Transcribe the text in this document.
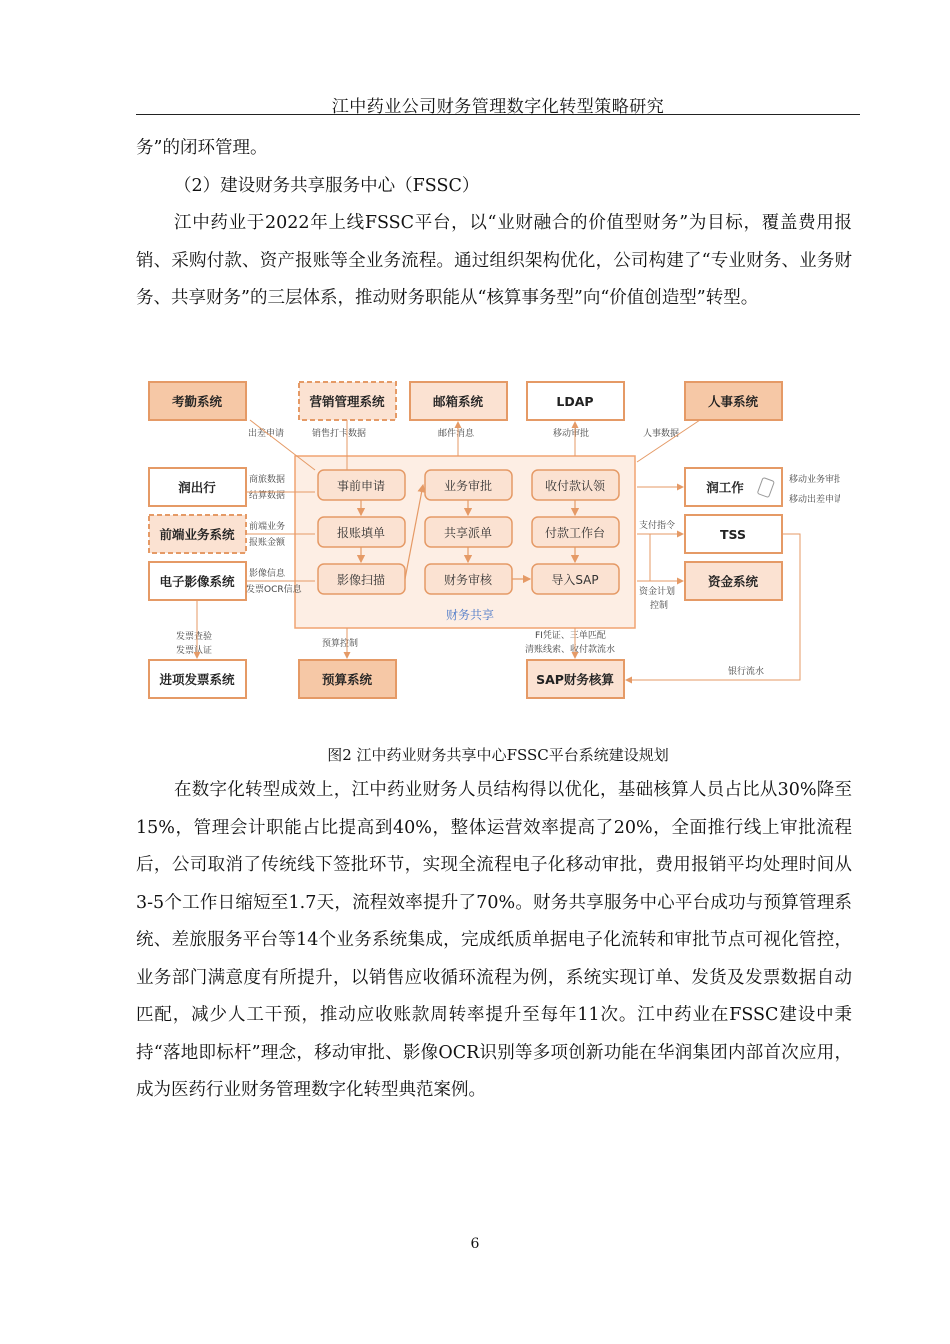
江中药业公司财务管理数字化转型策略研究

务”的闭环管理。

（2）建设财务共享服务中心（FSSC）

江中药业于2022年上线FSSC平台，以“业财融合的价值型财务”为目标，覆盖费用报销、采购付款、资产报账等全业务流程。通过组织架构优化，公司构建了“专业财务、业务财务、共享财务”的三层体系，推动财务职能从“核算事务型”向“价值创造型”转型。

财务共享
考勤系统	营销管理系统	邮箱系统	LDAP	人事系统
出差申请	销售打卡数据	邮件消息	移动审批	人事数据
润出行
前端业务系统
电子影像系统
商旅数据
结算数据
前端业务
报账金额
影像信息
发票OCR信息
事前申请
报账填单
影像扫描
业务审批
共享派单
财务审核
收付款认领
付款工作台
导入SAP
润工作
TSS
资金系统
移动业务审批
移动出差申请
支付指令
资金计划
控制
进项发票系统	预算系统	SAP财务核算
发票查验
发票认证
预算控制
FI凭证、三单匹配
清账线索、收付款流水
银行流水
图2 江中药业财务共享中心FSSC平台系统建设规划

在数字化转型成效上，江中药业财务人员结构得以优化，基础核算人员占比从30%降至15%，管理会计职能占比提高到40%，整体运营效率提高了20%，全面推行线上审批流程后，公司取消了传统线下签批环节，实现全流程电子化移动审批，费用报销平均处理时间从3-5个工作日缩短至1.7天，流程效率提升了70%。财务共享服务中心平台成功与预算管理系统、差旅服务平台等14个业务系统集成，完成纸质单据电子化流转和审批节点可视化管控，业务部门满意度有所提升，以销售应收循环流程为例，系统实现订单、发货及发票数据自动匹配，减少人工干预，推动应收账款周转率提升至每年11次。江中药业在FSSC建设中秉持“落地即标杆”理念，移动审批、影像OCR识别等多项创新功能在华润集团内部首次应用，成为医药行业财务管理数字化转型典范案例。

6
